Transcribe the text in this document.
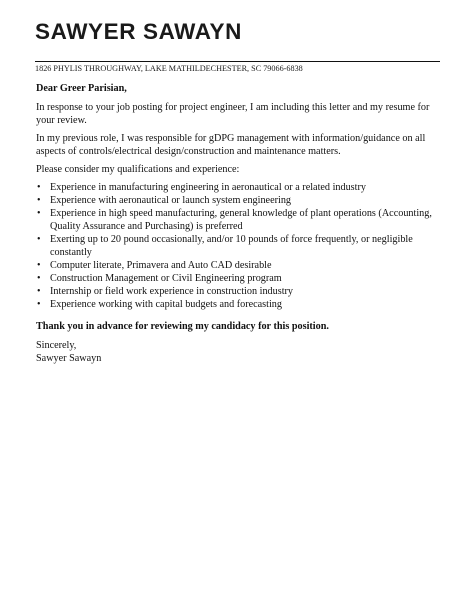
SAWYER SAWAYN
1826 PHYLIS THROUGHWAY, LAKE MATHILDECHESTER, SC 79066-6838

Dear Greer Parisian,

In response to your job posting for project engineer, I am including this letter and my resume for your review.

In my previous role, I was responsible for gDPG management with information/guidance on all aspects of controls/electrical design/construction and maintenance matters.

Please consider my qualifications and experience:

• Experience in manufacturing engineering in aeronautical or a related industry
• Experience with aeronautical or launch system engineering
• Experience in high speed manufacturing, general knowledge of plant operations (Accounting, Quality Assurance and Purchasing) is preferred
• Exerting up to 20 pound occasionally, and/or 10 pounds of force frequently, or negligible constantly
• Computer literate, Primavera and Auto CAD desirable
• Construction Management or Civil Engineering program
• Internship or field work experience in construction industry
• Experience working with capital budgets and forecasting

Thank you in advance for reviewing my candidacy for this position.

Sincerely,

Sawyer Sawayn
